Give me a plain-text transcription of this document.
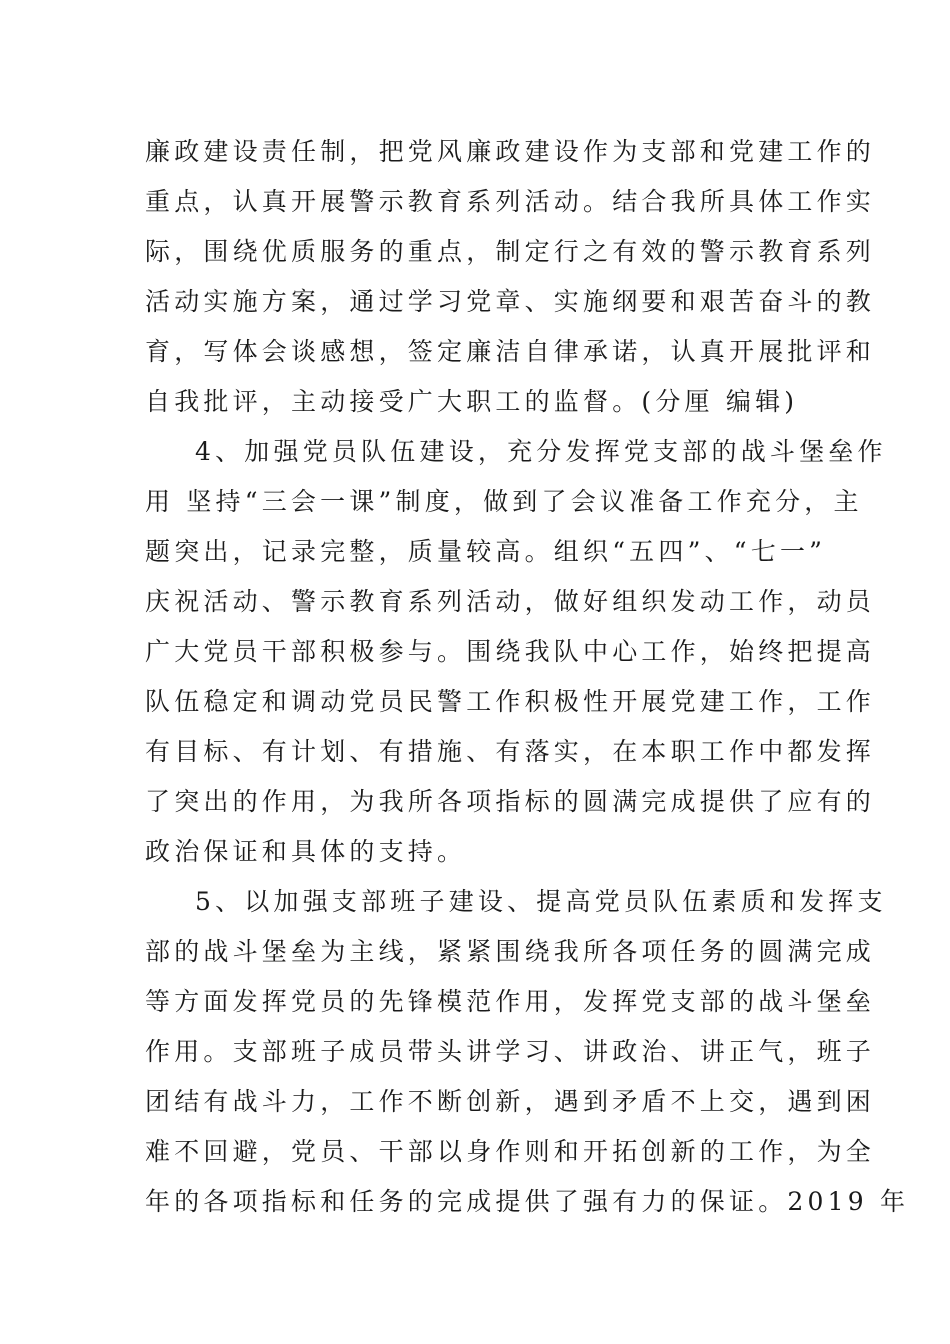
廉政建设责任制，把党风廉政建设作为支部和党建工作的
重点，认真开展警示教育系列活动。结合我所具体工作实
际，围绕优质服务的重点，制定行之有效的警示教育系列
活动实施方案，通过学习党章、实施纲要和艰苦奋斗的教
育，写体会谈感想，签定廉洁自律承诺，认真开展批评和
自我批评，主动接受广大职工的监督。(分厘 编辑)
4、加强党员队伍建设，充分发挥党支部的战斗堡垒作
用 坚持“三会一课”制度，做到了会议准备工作充分，主
题突出，记录完整，质量较高。组织“五四”、“七一”
庆祝活动、警示教育系列活动，做好组织发动工作，动员
广大党员干部积极参与。围绕我队中心工作，始终把提高
队伍稳定和调动党员民警工作积极性开展党建工作，工作
有目标、有计划、有措施、有落实，在本职工作中都发挥
了突出的作用，为我所各项指标的圆满完成提供了应有的
政治保证和具体的支持。
5、以加强支部班子建设、提高党员队伍素质和发挥支
部的战斗堡垒为主线，紧紧围绕我所各项任务的圆满完成
等方面发挥党员的先锋模范作用，发挥党支部的战斗堡垒
作用。支部班子成员带头讲学习、讲政治、讲正气，班子
团结有战斗力，工作不断创新，遇到矛盾不上交，遇到困
难不回避，党员、干部以身作则和开拓创新的工作，为全
年的各项指标和任务的完成提供了强有力的保证。2019 年
